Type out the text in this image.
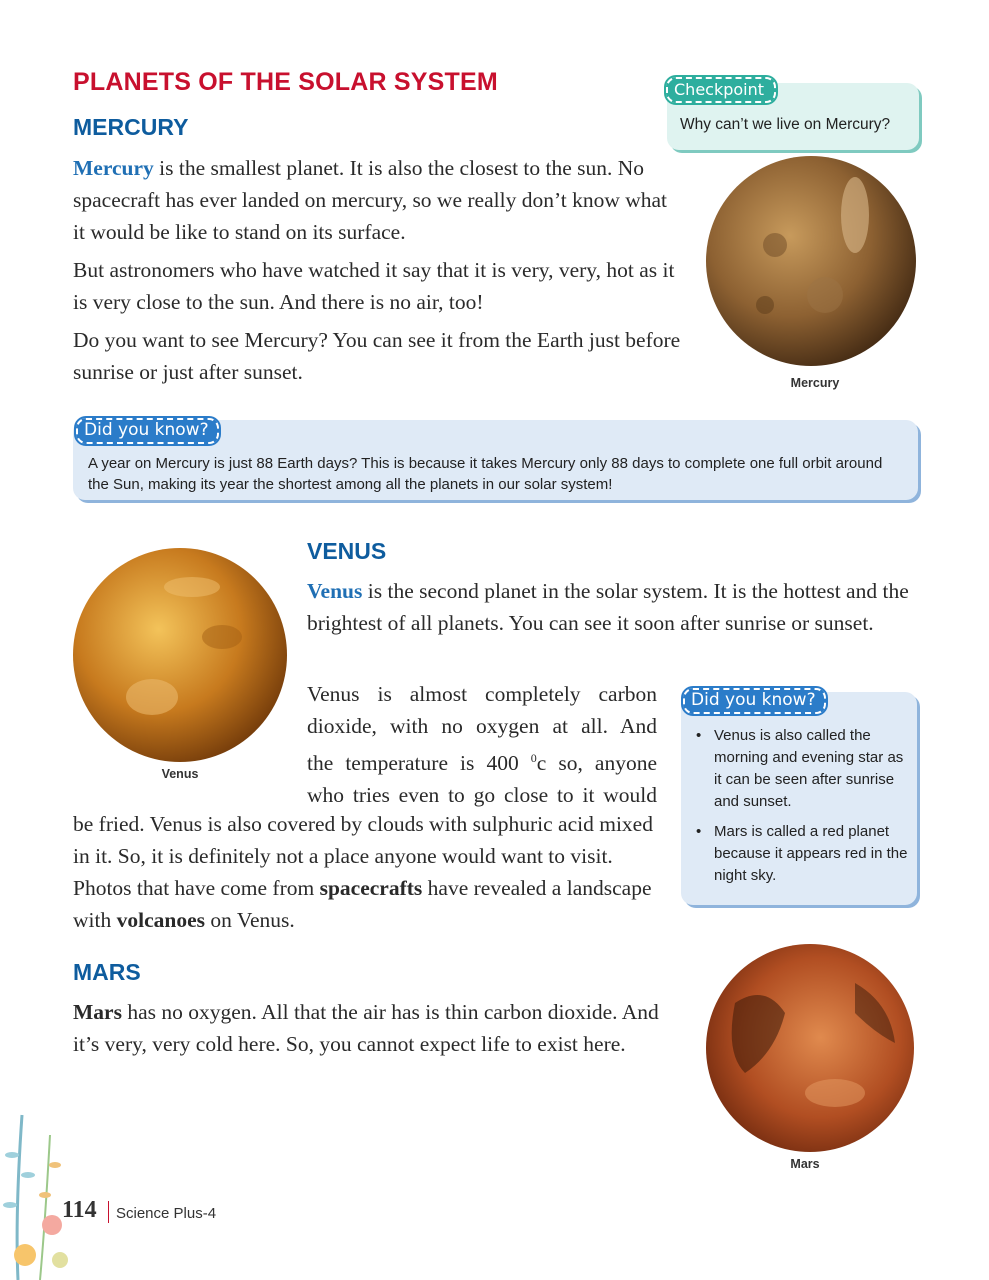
PLANETS OF THE SOLAR SYSTEM	Checkpoint
Why can’t we live on Mercury?
MERCURY

Mercury is the smallest planet. It is also the closest to the sun. No spacecraft has ever landed on mercury, so we really don’t know what it would be like to stand on its surface.

But astronomers who have watched it say that it is very, very, hot as it is very close to the sun. And there is no air, too!

Do you want to see Mercury? You can see it from the Earth just before sunrise or just after sunset.	Mercury
Did you know?
A year on Mercury is just 88 Earth days? This is because it takes Mercury only 88 days to complete one full orbit around the Sun, making its year the shortest among all the planets in our solar system!
Venus
VENUS

Venus is the second planet in the solar system. It is the hottest and the brightest of all planets. You can see it soon after sunrise or sunset.

Venus is almost completely carbon
dioxide, with no oxygen at all. And
the temperature is 400 $^0$c so, anyone
who tries even to go close to it would

be fried. Venus is also covered by clouds with sulphuric acid mixed in it. So, it is definitely not a place anyone would want to visit. Photos that have come from spacecrafts have revealed a landscape with volcanoes on Venus.

Did you know?
• Venus is also called the morning and evening star as it can be seen after sunrise and sunset.
• Mars is called a red planet because it appears red in the night sky.
MARS

Mars has no oxygen. All that the air has is thin carbon dioxide. And it’s very, very cold here. So, you cannot expect life to exist here.

Mars
114 Science Plus-4
